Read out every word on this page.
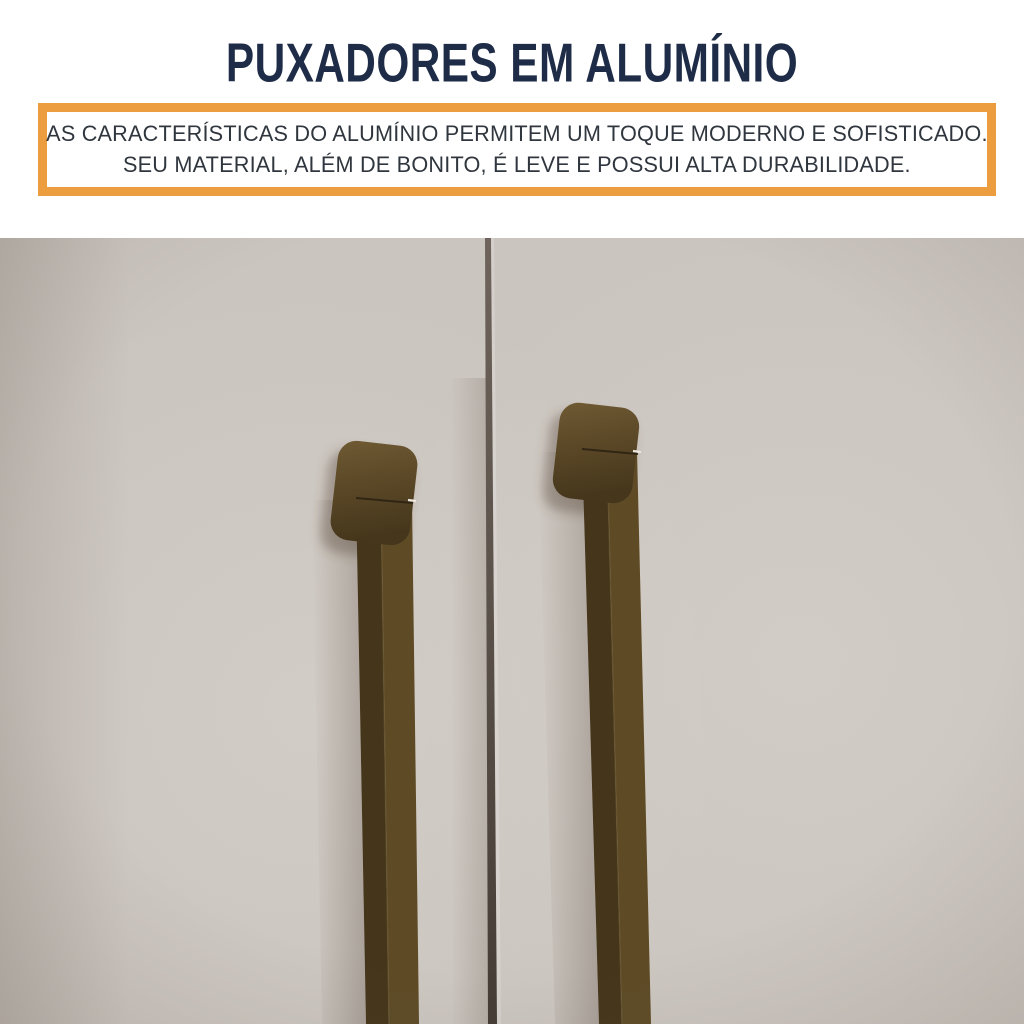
PUXADORES EM ALUMÍNIO

AS CARACTERÍSTICAS DO ALUMÍNIO PERMITEM UM TOQUE MODERNO E SOFISTICADO.

SEU MATERIAL, ALÉM DE BONITO, É LEVE E POSSUI ALTA DURABILIDADE.
